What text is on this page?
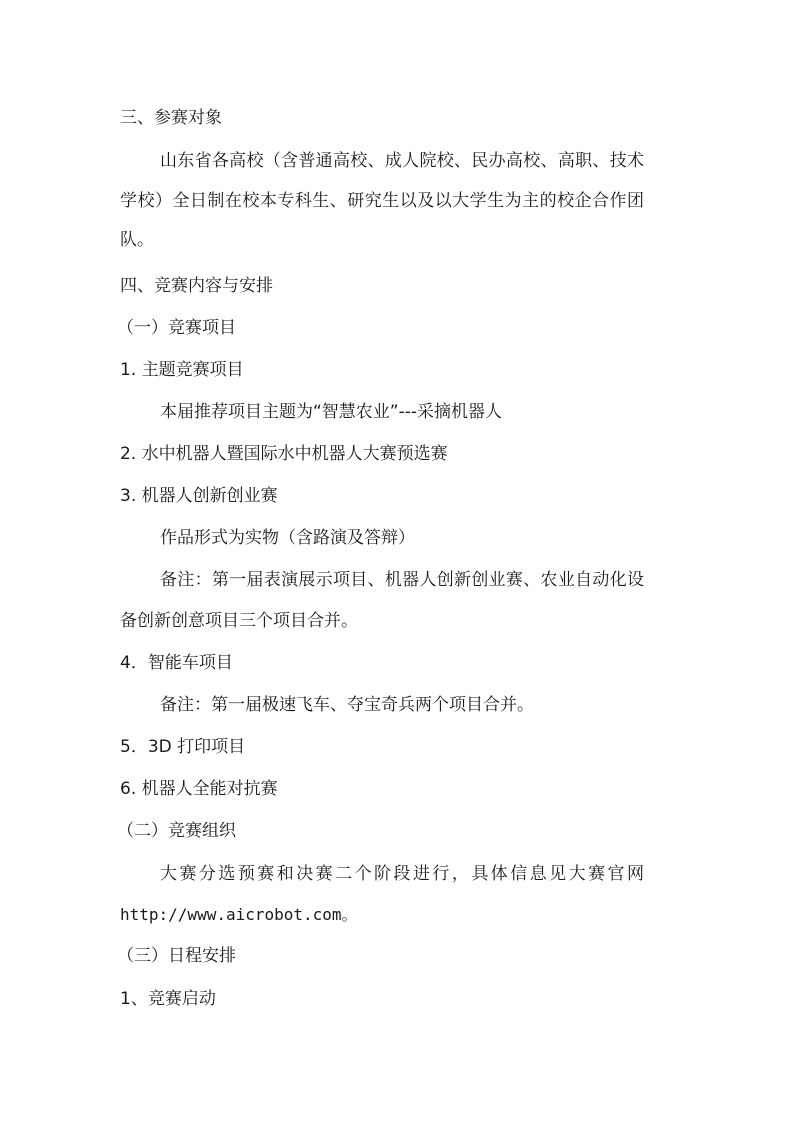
三、参赛对象
山东省各高校（含普通高校、成人院校、民办高校、高职、技术
学校）全日制在校本专科生、研究生以及以大学生为主的校企合作团
队。
四、竞赛内容与安排
（一）竞赛项目
1. 主题竞赛项目
本届推荐项目主题为“智慧农业”---采摘机器人
2. 水中机器人暨国际水中机器人大赛预选赛
3. 机器人创新创业赛
作品形式为实物（含路演及答辩）
备注：第一届表演展示项目、机器人创新创业赛、农业自动化设
备创新创意项目三个项目合并。
4．智能车项目
备注：第一届极速飞车、夺宝奇兵两个项目合并。
5．3D 打印项目
6. 机器人全能对抗赛
（二）竞赛组织
大赛分选预赛和决赛二个阶段进行，具体信息见大赛官网
http://www.aicrobot.com。
（三）日程安排
1、竞赛启动
